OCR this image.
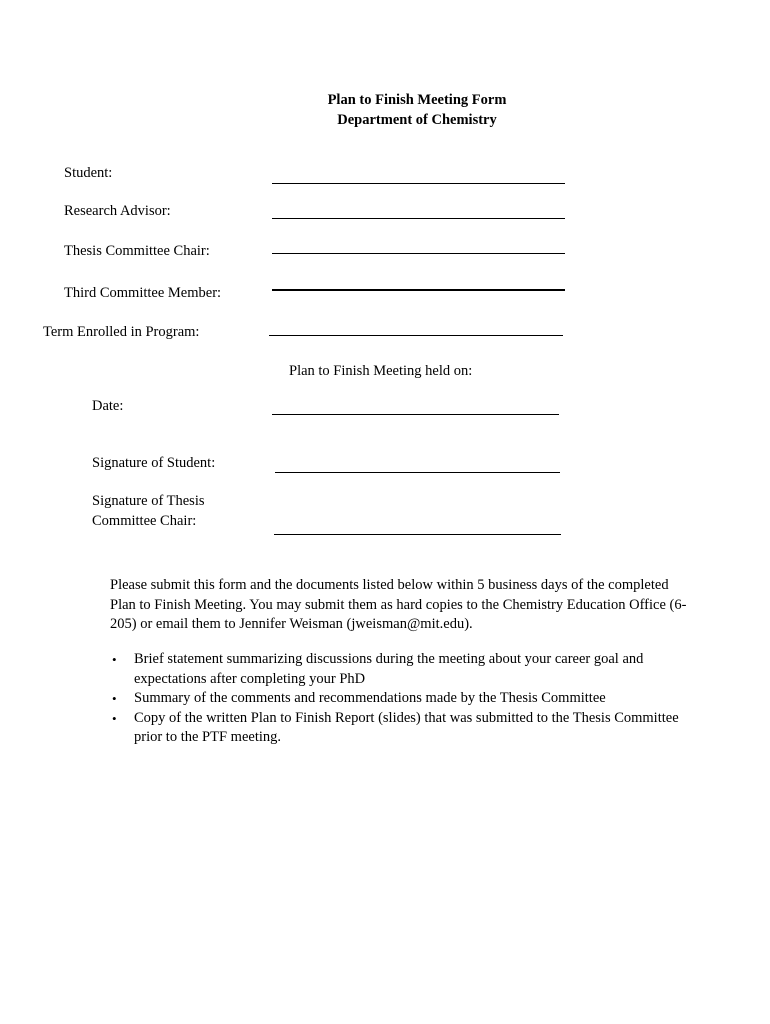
Plan to Finish Meeting Form
Department of Chemistry
Student:
Research Advisor:
Thesis Committee Chair:
Third Committee Member:
Term Enrolled in Program:
Plan to Finish Meeting held on:
Date:
Signature of Student:
Signature of Thesis
Committee Chair:
Please submit this form and the documents listed below within 5 business days of the completed Plan to Finish Meeting. You may submit them as hard copies to the Chemistry Education Office (6-205) or email them to Jennifer Weisman (jweisman@mit.edu).
• Brief statement summarizing discussions during the meeting about your career goal and expectations after completing your PhD
• Summary of the comments and recommendations made by the Thesis Committee
• Copy of the written Plan to Finish Report (slides) that was submitted to the Thesis Committee prior to the PTF meeting.
